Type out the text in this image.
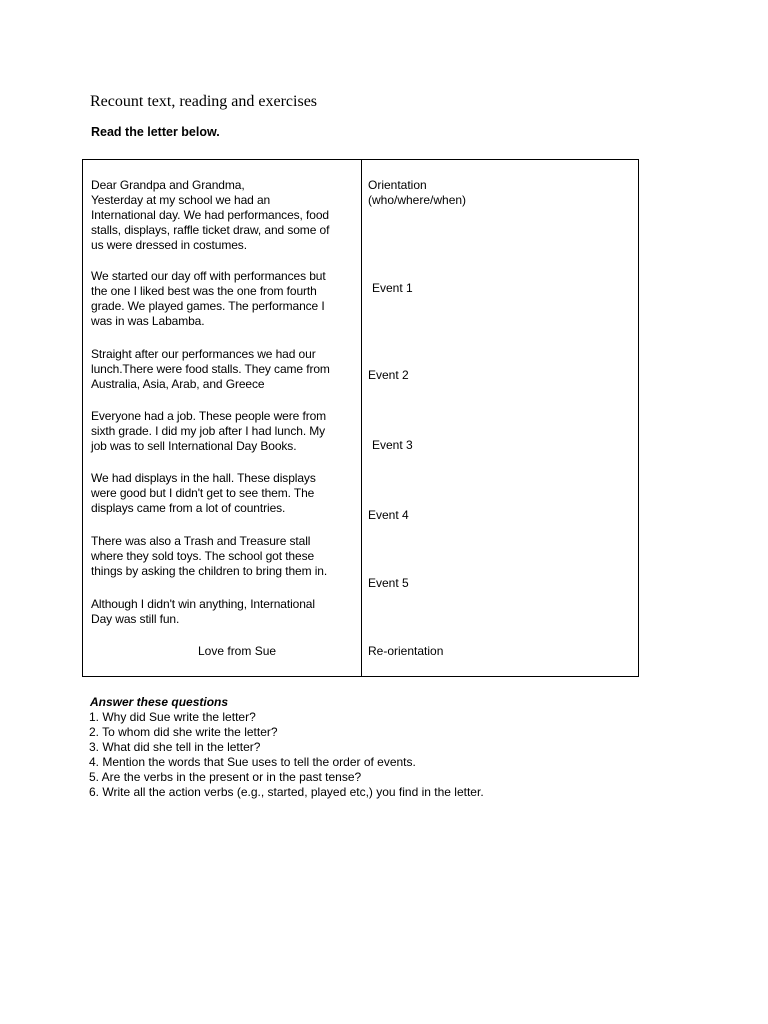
Recount text, reading and exercises

Read the letter below.

Dear Grandpa and Grandma,
Yesterday at my school we had an
International day. We had performances, food
stalls, displays, raffle ticket draw, and some of
us were dressed in costumes.

We started our day off with performances but
the one I liked best was the one from fourth
grade. We played games. The performance I
was in was Labamba.

Straight after our performances we had our
lunch.There were food stalls. They came from
Australia, Asia, Arab, and Greece

Everyone had a job. These people were from
sixth grade. I did my job after I had lunch. My
job was to sell International Day Books.

We had displays in the hall. These displays
were good but I didn't get to see them. The
displays came from a lot of countries.

There was also a Trash and Treasure stall
where they sold toys. The school got these
things by asking the children to bring them in.

Although I didn't win anything, International
Day was still fun.

Love from Sue

Orientation
(who/where/when)

Event 1

Event 2

Event 3

Event 4

Event 5

Re-orientation

Answer these questions

1. Why did Sue write the letter?
2. To whom did she write the letter?
3. What did she tell in the letter?
4. Mention the words that Sue uses to tell the order of events.
5. Are the verbs in the present or in the past tense?
6. Write all the action verbs (e.g., started, played etc,) you find in the letter.
